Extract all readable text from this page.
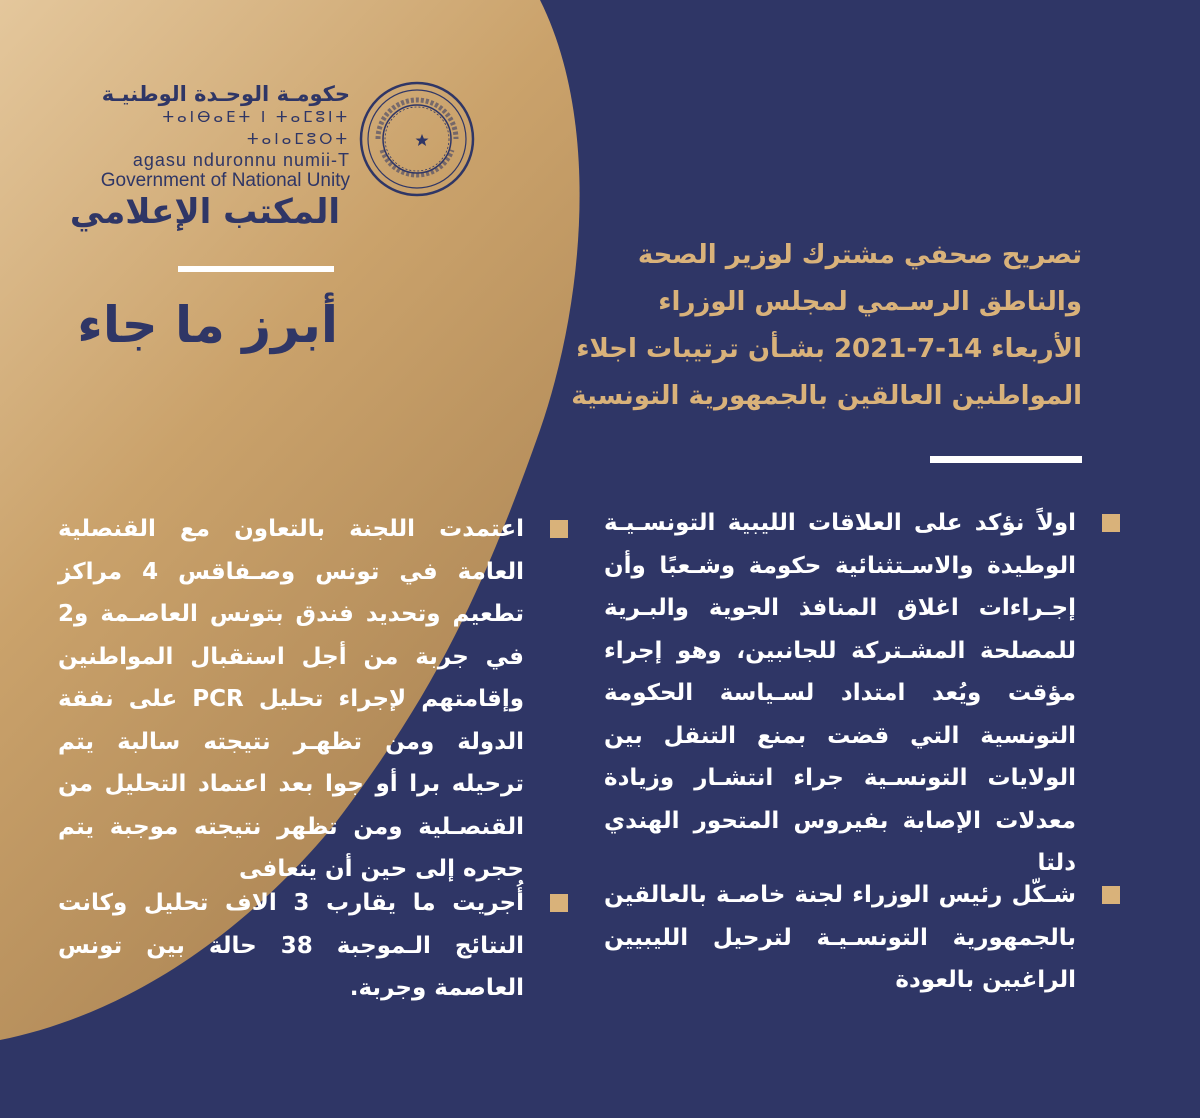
حكومـة الوحـدة الوطنيـة
ⵜⴰⵏⴱⴰⴹⵜ ⵏ ⵜⴰⵎⵓⵏⵜ ⵜⴰⵏⴰⵎⵓⵔⵜ
agasu nduronnu numii-T
Government of National Unity
المكتب الإعلامي
أبرز ما جاء
تصريح صحفي مشترك لوزير الصحة والناطق الرسـمي لمجلس الوزراء الأربعاء 14-7-2021 بشـأن ترتيبات اجلاء المواطنين العالقين بالجمهورية التونسية
اولاً نؤكد على العلاقات الليبية التونسـيـة الوطيدة والاسـتثنائية حكومة وشـعبًا وأن إجـراءات اغلاق المنافذ الجوية والبـرية للمصلحة المشـتركة للجانبين، وهو إجراء مؤقت ويُعد امتداد لسـياسة الحكومة التونسية التي قضت بمنع التنقل بين الولايات التونسـية جراء انتشـار وزيادة معدلات الإصابة بفيروس المتحور الهندي دلتا
شـكّل رئيس الوزراء لجنة خاصـة بالعالقين بالجمهورية التونسـيـة لترحيل الليبيين الراغبين بالعودة
اعتمدت اللجنة بالتعاون مع القنصلية العامة في تونس وصـفاقس 4 مراكز تطعيم وتحديد فندق بتونس العاصـمة و2 في جربة من أجل استقبال المواطنين وإقامتهم لإجراء تحليل PCR على نفقة الدولة ومن تظهـر نتيجته سالبة يتم ترحيله برا أو جوا بعد اعتماد التحليل من القنصـلية ومن تظهر نتيجته موجبة يتم حجره إلى حين أن يتعافى
أُجريت ما يقارب 3 الاف تحليل وكانت النتائج الـموجبة 38 حالة بين تونس العاصمة وجربة.
